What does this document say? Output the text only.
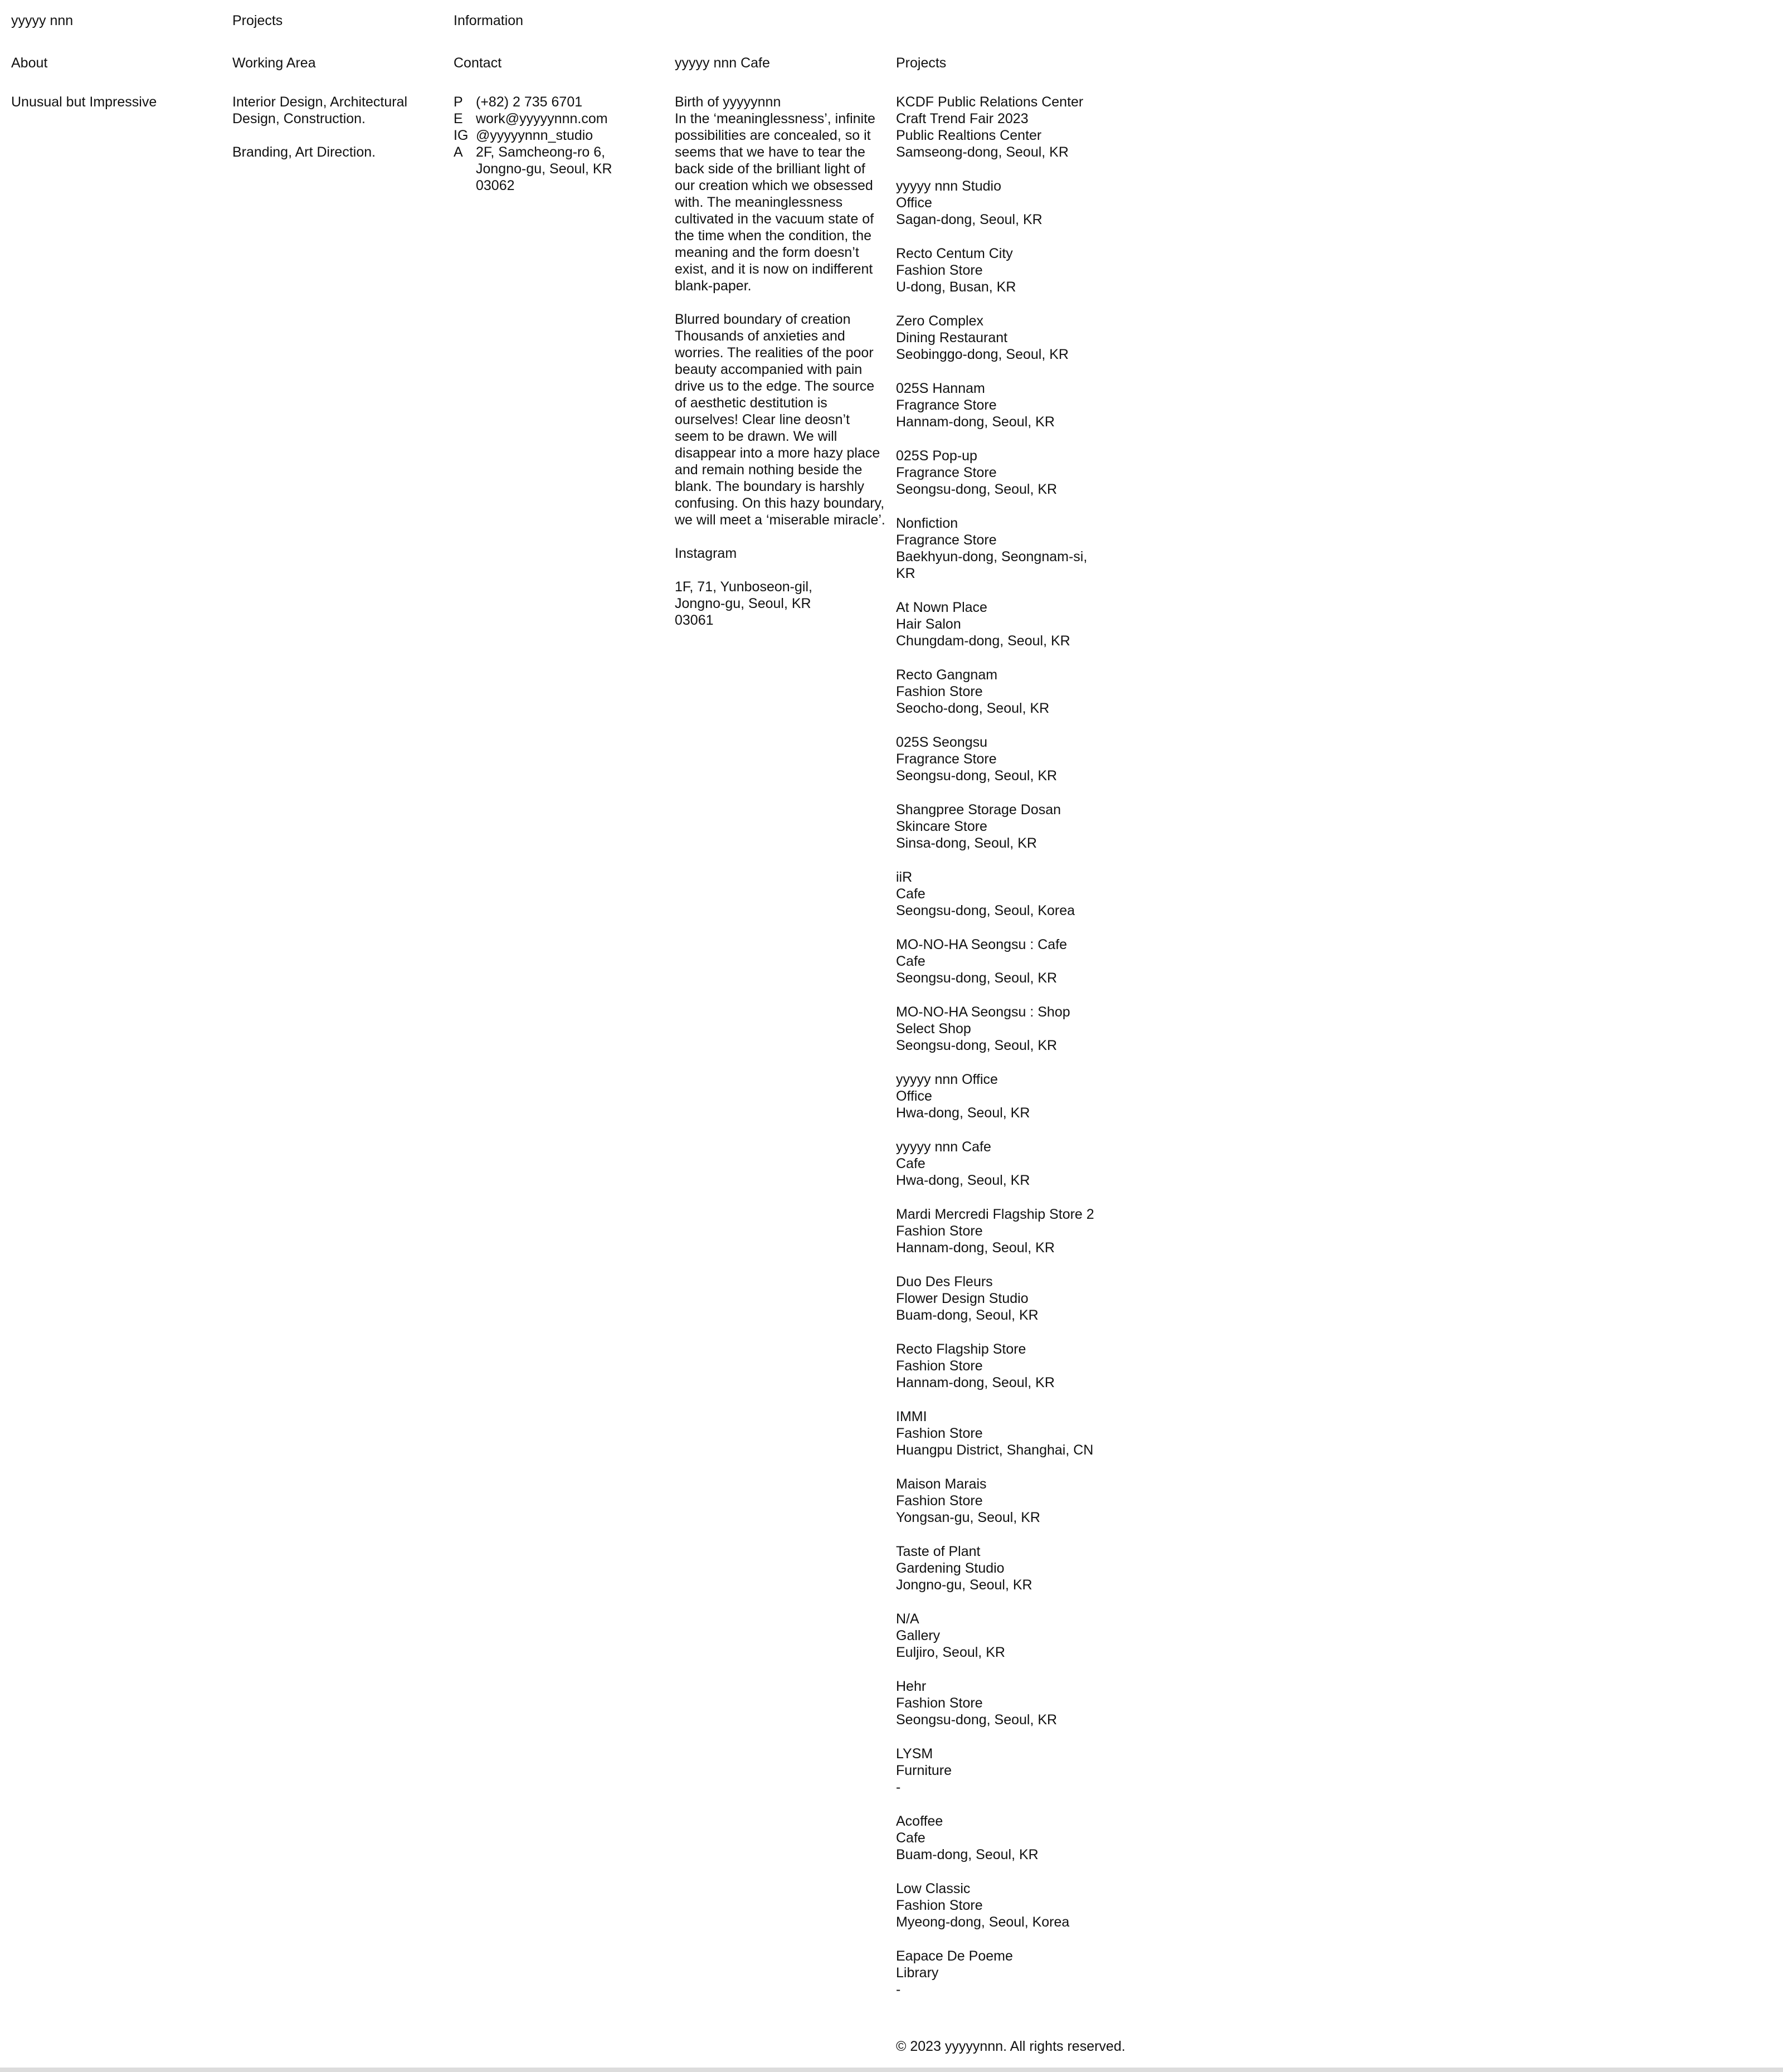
yyyyy nnn	Projects	Information
About

Unusual but Impressive

Working Area

Interior Design, Architectural Design, Construction.

Branding, Art Direction.

Contact
P (+82) 2 735 6701
E work@yyyyynnn.com
IG @yyyyynnn_studio
A 2F, Samcheong-ro 6,
Jongno-gu, Seoul, KR
03062
yyyyy nnn Cafe

Birth of yyyyynnn

In the ‘meaninglessness’, infinite possibilities are concealed, so it seems that we have to tear the back side of the brilliant light of our creation which we obsessed with. The meaninglessness cultivated in the vacuum state of the time when the condition, the meaning and the form doesn’t exist, and it is now on indifferent blank-paper.

Blurred boundary of creation

Thousands of anxieties and worries. The realities of the poor beauty accompanied with pain drive us to the edge. The source of aesthetic destitution is ourselves! Clear line deosn’t seem to be drawn. We will disappear into a more hazy place and remain nothing beside the blank. The boundary is harshly confusing. On this hazy boundary, we will meet a ‘miserable miracle’.

Instagram
1F, 71, Yunboseon-gil,
Jongno-gu, Seoul, KR
03061
Projects
KCDF Public Relations Center Craft Trend Fair 2023
Public Realtions Center
Samseong-dong, Seoul, KR
yyyyy nnn Studio
Office
Sagan-dong, Seoul, KR
Recto Centum City
Fashion Store
U-dong, Busan, KR
Zero Complex
Dining Restaurant
Seobinggo-dong, Seoul, KR
025S Hannam
Fragrance Store
Hannam-dong, Seoul, KR
025S Pop-up
Fragrance Store
Seongsu-dong, Seoul, KR
Nonfiction
Fragrance Store
Baekhyun-dong, Seongnam-si, KR
At Nown Place
Hair Salon
Chungdam-dong, Seoul, KR
Recto Gangnam
Fashion Store
Seocho-dong, Seoul, KR
025S Seongsu
Fragrance Store
Seongsu-dong, Seoul, KR
Shangpree Storage Dosan
Skincare Store
Sinsa-dong, Seoul, KR
iiR
Cafe
Seongsu-dong, Seoul, Korea
MO-NO-HA Seongsu : Cafe
Cafe
Seongsu-dong, Seoul, KR
MO-NO-HA Seongsu : Shop
Select Shop
Seongsu-dong, Seoul, KR
yyyyy nnn Office
Office
Hwa-dong, Seoul, KR
yyyyy nnn Cafe
Cafe
Hwa-dong, Seoul, KR
Mardi Mercredi Flagship Store 2
Fashion Store
Hannam-dong, Seoul, KR
Duo Des Fleurs
Flower Design Studio
Buam-dong, Seoul, KR
Recto Flagship Store
Fashion Store
Hannam-dong, Seoul, KR
IMMI
Fashion Store
Huangpu District, Shanghai, CN
Maison Marais
Fashion Store
Yongsan-gu, Seoul, KR
Taste of Plant
Gardening Studio
Jongno-gu, Seoul, KR
N/A
Gallery
Euljiro, Seoul, KR
Hehr
Fashion Store
Seongsu-dong, Seoul, KR
LYSM
Furniture
-
Acoffee
Cafe
Buam-dong, Seoul, KR
Low Classic
Fashion Store
Myeong-dong, Seoul, Korea
Eapace De Poeme
Library
-
© 2023 yyyyynnn. All rights reserved.
